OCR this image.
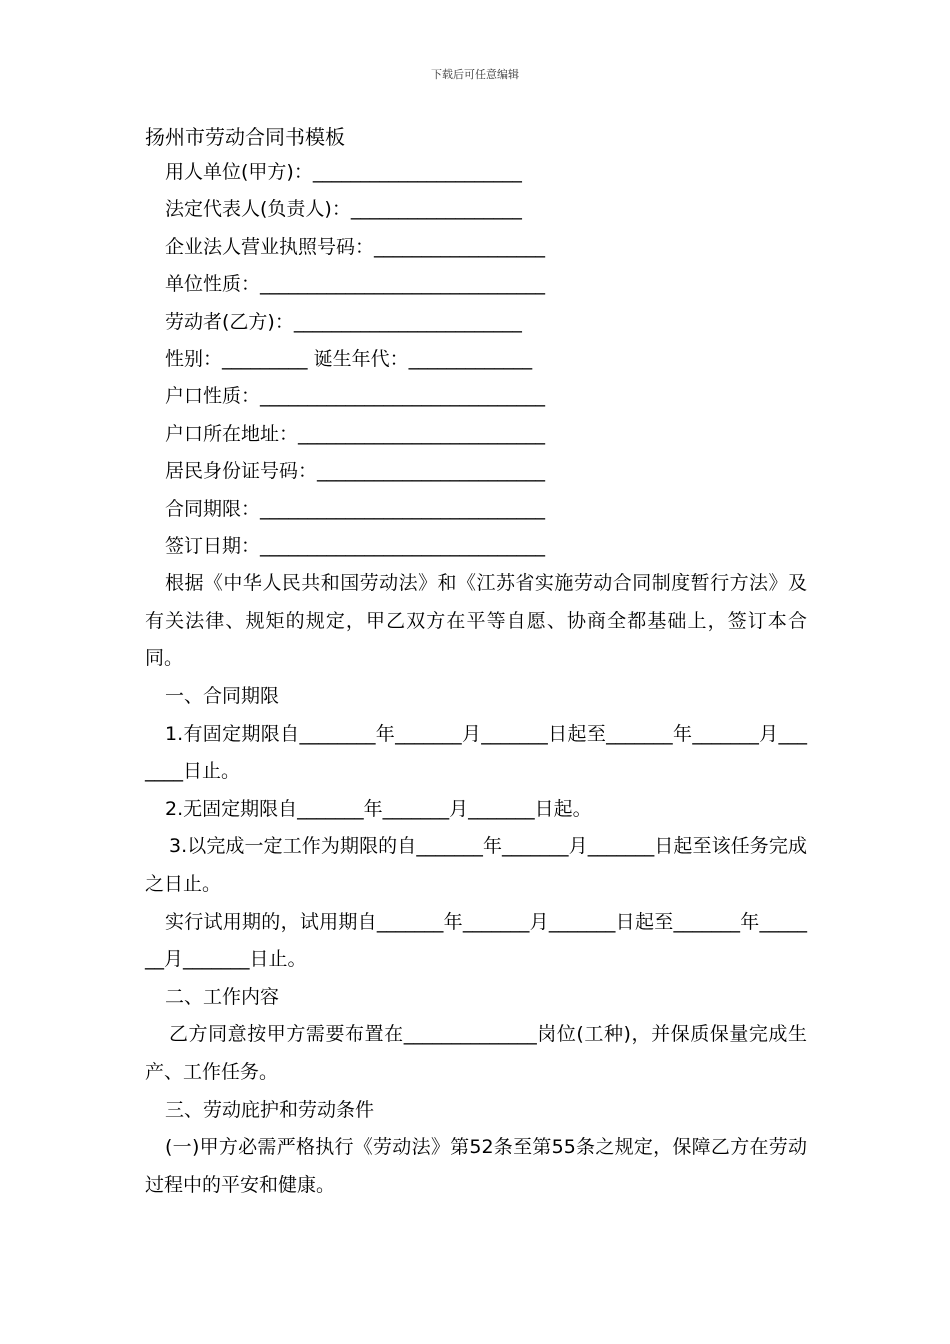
下载后可任意编辑
扬州市劳动合同书模板
用人单位(甲方)：______________________
法定代表人(负责人)：__________________
企业法人营业执照号码：__________________
单位性质：______________________________
劳动者(乙方)：________________________
性别：_________ 诞生年代：_____________
户口性质：______________________________
户口所在地址：__________________________
居民身份证号码：________________________
合同期限：______________________________
签订日期：______________________________

根据《中华人民共和国劳动法》和《江苏省实施劳动合同制度暂行方法》及有关法律、规矩的规定，甲乙双方在平等自愿、协商全都基础上，签订本合同。

一、合同期限

1.有固定期限自________年_______月_______日起至_______年_______月_______日止。

2.无固定期限自_______年_______月_______日起。

3.以完成一定工作为期限的自_______年_______月_______日起至该任务完成之日止。

实行试用期的，试用期自_______年_______月_______日起至_______年_______月_______日止。

二、工作内容

乙方同意按甲方需要布置在______________岗位(工种)，并保质保量完成生产、工作任务。

三、劳动庇护和劳动条件

(一)甲方必需严格执行《劳动法》第52条至第55条之规定，保障乙方在劳动过程中的平安和健康。
